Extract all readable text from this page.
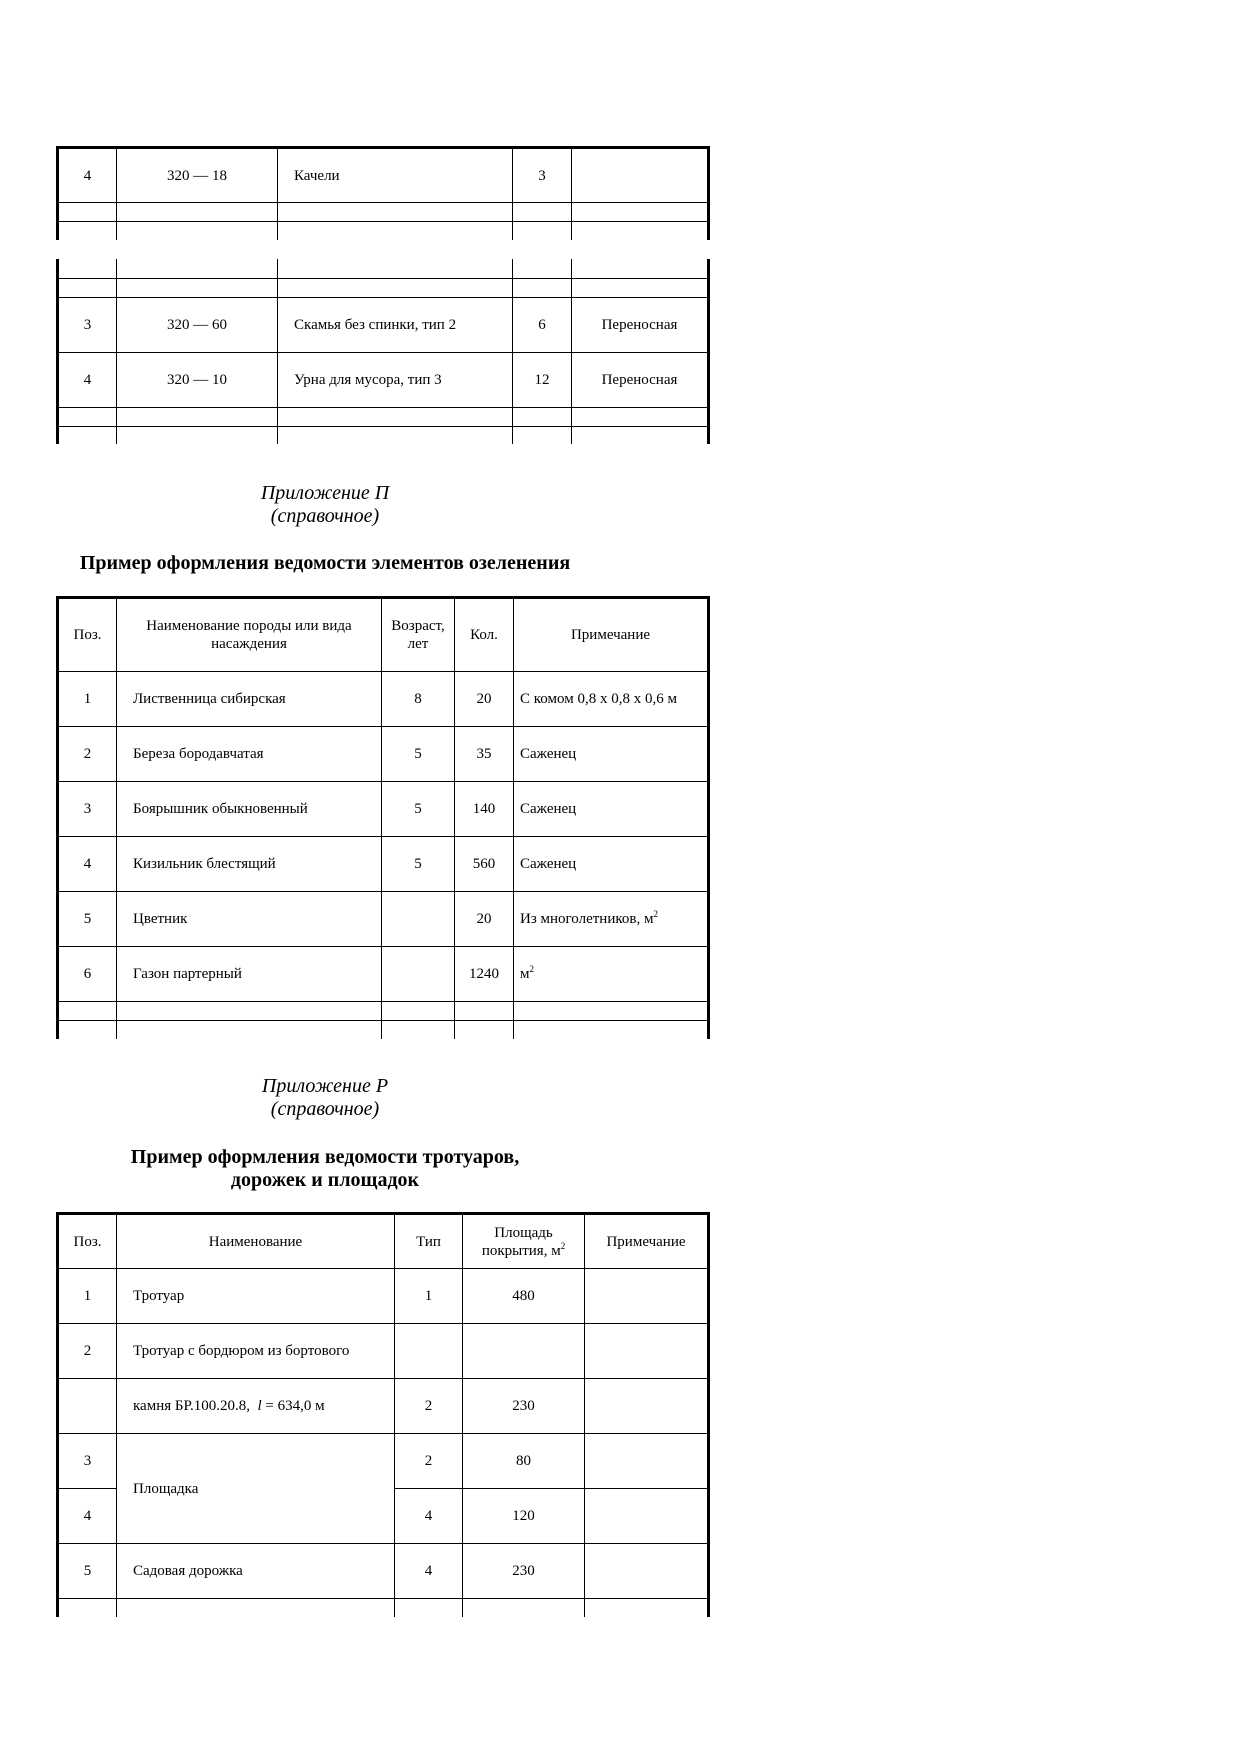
4	320 — 18	Качели	3	

3	320 — 60	Скамья без спинки, тип 2	6	Переносная
4	320 — 10	Урна для мусора, тип 3	12	Переносная

Приложение П
(справочное)
Пример оформления ведомости элементов озеленения
Поз.	Наименование породы или вида насаждения	Возраст, лет	Кол.	Примечание
1	Лиственница сибирская	8	20	С комом 0,8 х 0,8 х 0,6 м
2	Береза бородавчатая	5	35	Саженец
3	Боярышник обыкновенный	5	140	Саженец
4	Кизильник блестящий	5	560	Саженец
5	Цветник		20	Из многолетников, $м^2$
6	Газон партерный		1240	$м^2$

Приложение Р
(справочное)
Пример оформления ведомости тротуаров,
дорожек и площадок
Поз.	Наименование	Тип	Площадь покрытия, $м^2$	Примечание
1	Тротуар	1	480	
2	Тротуар с бордюром из бортового			
	камня БР.100.20.8, l = 634,0 м	2	230	
3	Площадка	2	80	
4		4	120	
5	Садовая дорожка	4	230	
